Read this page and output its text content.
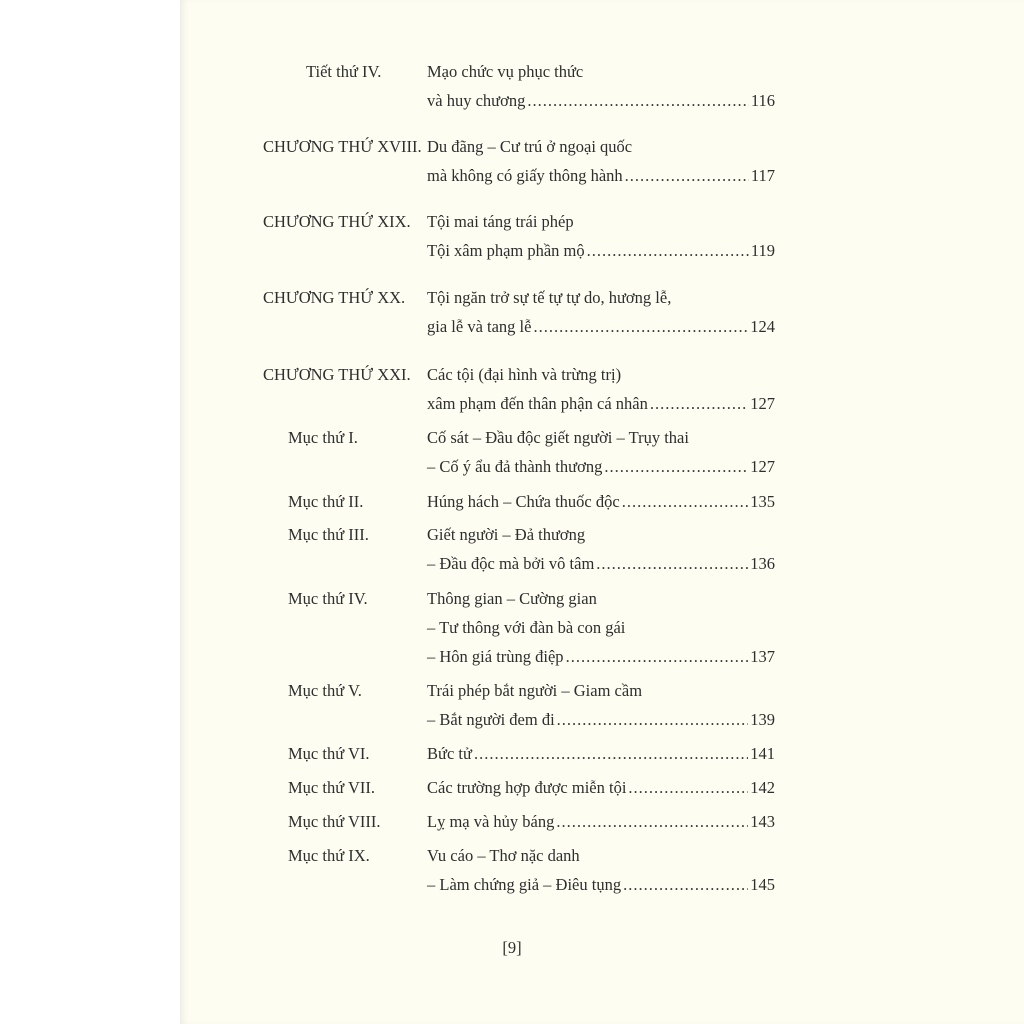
Tiết thứ IV.	Mạo chức vụ phục thức
và huy chương .....	116
CHƯƠNG THỨ XVIII. Du đãng – Cư trú ở ngoại quốc
mà không có giấy thông hành .....	117
CHƯƠNG THỨ XIX. Tội mai táng trái phép
Tội xâm phạm phần mộ .....	119
CHƯƠNG THỨ XX. Tội ngăn trở sự tế tự tự do, hương lễ,
gia lễ và tang lễ .....	124
CHƯƠNG THỨ XXI. Các tội (đại hình và trừng trị)
xâm phạm đến thân phận cá nhân .....	127
Mục thứ I.	Cố sát – Đầu độc giết người – Trụy thai
– Cố ý ẩu đả thành thương .....	127
Mục thứ II.	Húng hách – Chứa thuốc độc .....	135
Mục thứ III.	Giết người – Đả thương
– Đầu độc mà bởi vô tâm .....	136
Mục thứ IV.	Thông gian – Cường gian
– Tư thông với đàn bà con gái
– Hôn giá trùng điệp .....	137
Mục thứ V.	Trái phép bắt người – Giam cầm
– Bắt người đem đi .....	139
Mục thứ VI.	Bức tử .....	141
Mục thứ VII.	Các trường hợp được miễn tội .....	142
Mục thứ VIII.	Lỵ mạ và hủy báng .....	143
Mục thứ IX.	Vu cáo – Thơ nặc danh
– Làm chứng giả – Điêu tụng .....	145
[9]
